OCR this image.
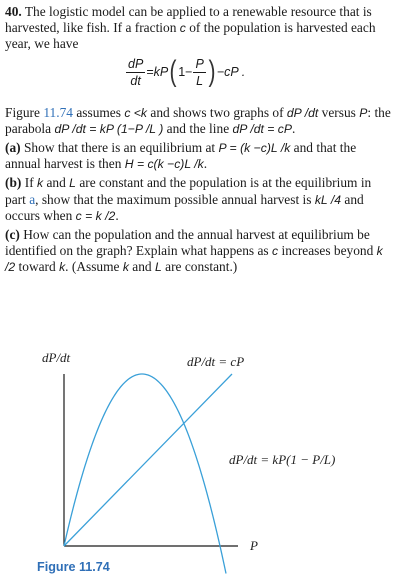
40. The logistic model can be applied to a renewable resource that is harvested, like fish. If a fraction c of the population is harvested each year, we have

$\frac{dP}{dt} =kP$ ( $1- \frac{P}{L}$ ) −cP .

Figure 11.74 assumes c <k and shows two graphs of dP /dt versus P: the parabola dP /dt = kP (1−P /L ) and the line dP /dt = cP.

(a) Show that there is an equilibrium at P = (k −c)L /k and that the annual harvest is then H = c(k −c)L /k.

(b) If k and L are constant and the population is at the equilibrium in part a, show that the maximum possible annual harvest is kL /4 and occurs when c = k /2.

(c) How can the population and the annual harvest at equilibrium be identified on the graph? Explain what happens as c increases beyond k /2 toward k. (Assume k and L are constant.)

dP/dt	dP/dt = cP
dP/dt = kP(1 − P/L)
P
Figure 11.74
